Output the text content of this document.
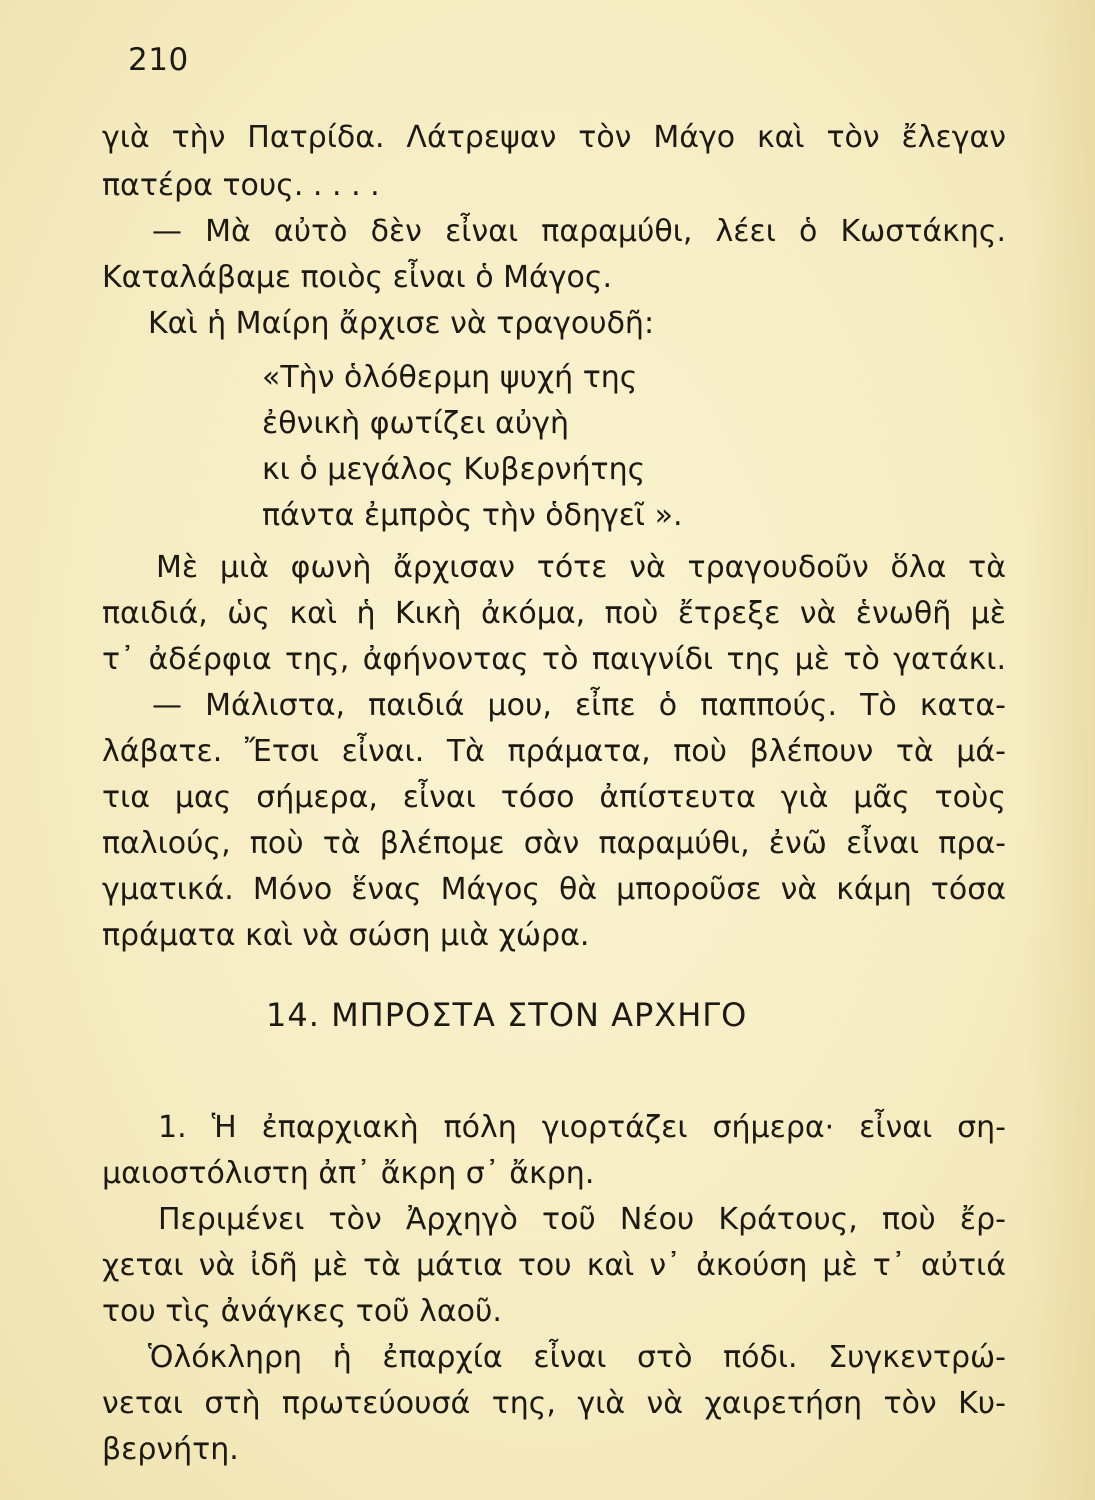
210
γιὰ τὴν Πατρίδα. Λάτρεψαν τὸν Μάγο καὶ τὸν ἔλεγαν
πατέρα τους. . . . .
— Μὰ αὐτὸ δὲν εἶναι παραμύθι, λέει ὁ Κωστάκης.
Καταλάβαμε ποιὸς εἶναι ὁ Μάγος.
Καὶ ἡ Μαίρη ἄρχισε νὰ τραγουδῆ:
«Τὴν ὁλόθερμη ψυχή της
ἐθνικὴ φωτίζει αὐγὴ
κι ὁ μεγάλος Κυβερνήτης
πάντα ἐμπρὸς τὴν ὁδηγεῖ ».
Μὲ μιὰ φωνὴ ἄρχισαν τότε νὰ τραγουδοῦν ὅλα τὰ
παιδιά, ὡς καὶ ἡ Κικὴ ἀκόμα, ποὺ ἔτρεξε νὰ ἑνωθῆ μὲ
τ᾿ ἀδέρφια της, ἀφήνοντας τὸ παιγνίδι της μὲ τὸ γατάκι.
— Μάλιστα, παιδιά μου, εἶπε ὁ παππούς. Τὸ κατα-
λάβατε. Ἔτσι εἶναι. Τὰ πράματα, ποὺ βλέπουν τὰ μά-
τια μας σήμερα, εἶναι τόσο ἀπίστευτα γιὰ μᾶς τοὺς
παλιούς, ποὺ τὰ βλέπομε σὰν παραμύθι, ἐνῶ εἶναι πρα-
γματικά. Μόνο ἕνας Μάγος θὰ μποροῦσε νὰ κάμη τόσα
πράματα καὶ νὰ σώση μιὰ χώρα.
14. ΜΠΡΟΣΤΑ ΣΤΟΝ ΑΡΧΗΓΟ
1. Ἡ ἐπαρχιακὴ πόλη γιορτάζει σήμερα· εἶναι ση-
μαιοστόλιστη ἀπ᾿ ἄκρη σ᾿ ἄκρη.
Περιμένει τὸν Ἀρχηγὸ τοῦ Νέου Κράτους, ποὺ ἔρ-
χεται νὰ ἰδῆ μὲ τὰ μάτια του καὶ ν᾿ ἀκούση μὲ τ᾿ αὐτιά
του τὶς ἀνάγκες τοῦ λαοῦ.
Ὁλόκληρη ἡ ἐπαρχία εἶναι στὸ πόδι. Συγκεντρώ-
νεται στὴ πρωτεύουσά της, γιὰ νὰ χαιρετήση τὸν Κυ-
βερνήτη.
